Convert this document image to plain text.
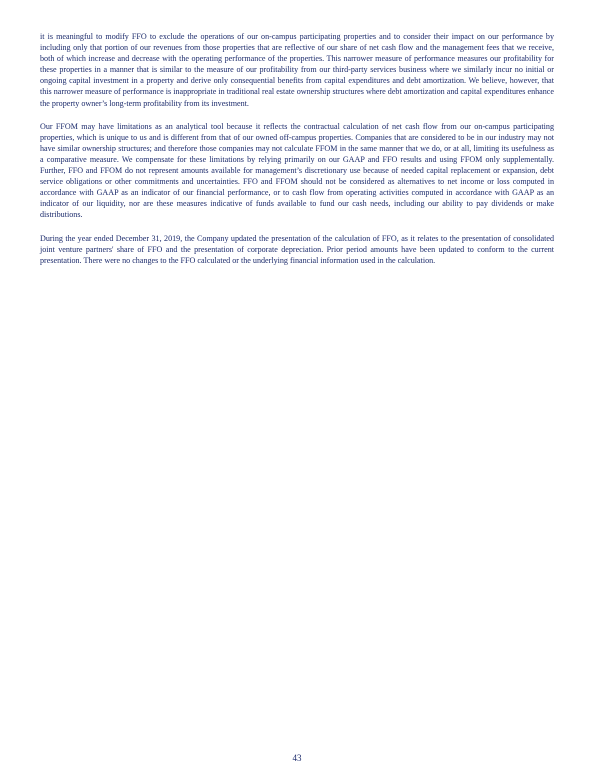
it is meaningful to modify FFO to exclude the operations of our on-campus participating properties and to consider their impact on our performance by including only that portion of our revenues from those properties that are reflective of our share of net cash flow and the management fees that we receive, both of which increase and decrease with the operating performance of the properties. This narrower measure of performance measures our profitability for these properties in a manner that is similar to the measure of our profitability from our third-party services business where we similarly incur no initial or ongoing capital investment in a property and derive only consequential benefits from capital expenditures and debt amortization. We believe, however, that this narrower measure of performance is inappropriate in traditional real estate ownership structures where debt amortization and capital expenditures enhance the property owner’s long-term profitability from its investment.

Our FFOM may have limitations as an analytical tool because it reflects the contractual calculation of net cash flow from our on-campus participating properties, which is unique to us and is different from that of our owned off-campus properties. Companies that are considered to be in our industry may not have similar ownership structures; and therefore those companies may not calculate FFOM in the same manner that we do, or at all, limiting its usefulness as a comparative measure. We compensate for these limitations by relying primarily on our GAAP and FFO results and using FFOM only supplementally. Further, FFO and FFOM do not represent amounts available for management’s discretionary use because of needed capital replacement or expansion, debt service obligations or other commitments and uncertainties. FFO and FFOM should not be considered as alternatives to net income or loss computed in accordance with GAAP as an indicator of our financial performance, or to cash flow from operating activities computed in accordance with GAAP as an indicator of our liquidity, nor are these measures indicative of funds available to fund our cash needs, including our ability to pay dividends or make distributions.

During the year ended December 31, 2019, the Company updated the presentation of the calculation of FFO, as it relates to the presentation of consolidated joint venture partners' share of FFO and the presentation of corporate depreciation. Prior period amounts have been updated to conform to the current presentation. There were no changes to the FFO calculated or the underlying financial information used in the calculation.

43
